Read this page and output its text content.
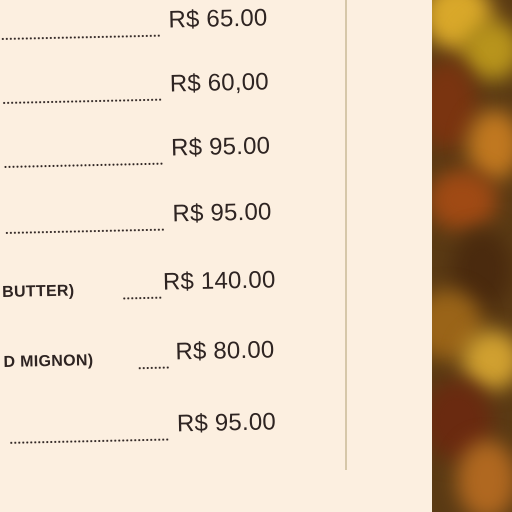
R$ 65.00
R$ 60,00
R$ 95.00
R$ 95.00
BUTTER)	R$ 140.00
D MIGNON)	R$ 80.00
R$ 95.00
